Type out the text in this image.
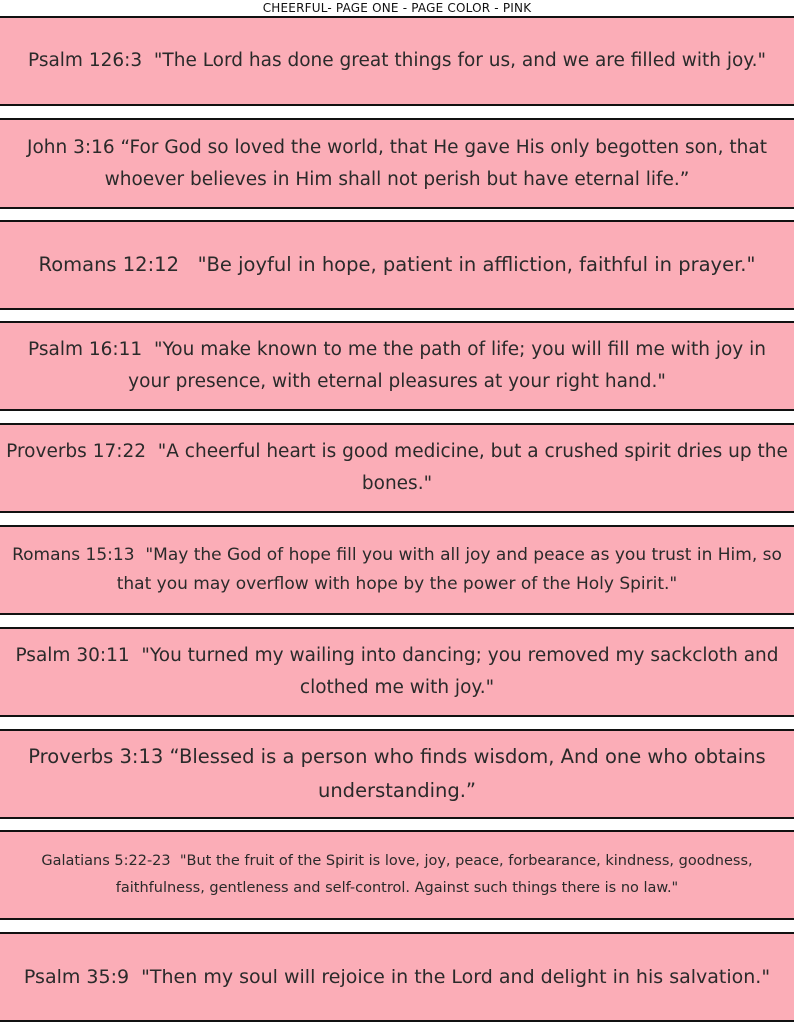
CHEERFUL- PAGE ONE - PAGE COLOR - PINK
Psalm 126:3  "The Lord has done great things for us, and we are filled with joy."
John 3:16 “For God so loved the world, that He gave His only begotten son, that whoever believes in Him shall not perish but have eternal life.”
Romans 12:12   "Be joyful in hope, patient in affliction, faithful in prayer."
Psalm 16:11  "You make known to me the path of life; you will fill me with joy in your presence, with eternal pleasures at your right hand."
Proverbs 17:22  "A cheerful heart is good medicine, but a crushed spirit dries up the bones."
Romans 15:13  "May the God of hope fill you with all joy and peace as you trust in Him, so that you may overflow with hope by the power of the Holy Spirit."
Psalm 30:11  "You turned my wailing into dancing; you removed my sackcloth and clothed me with joy."
Proverbs 3:13 “Blessed is a person who finds wisdom, And one who obtains understanding.”
Galatians 5:22-23  "But the fruit of the Spirit is love, joy, peace, forbearance, kindness, goodness, faithfulness, gentleness and self-control. Against such things there is no law."
Psalm 35:9  "Then my soul will rejoice in the Lord and delight in his salvation."
